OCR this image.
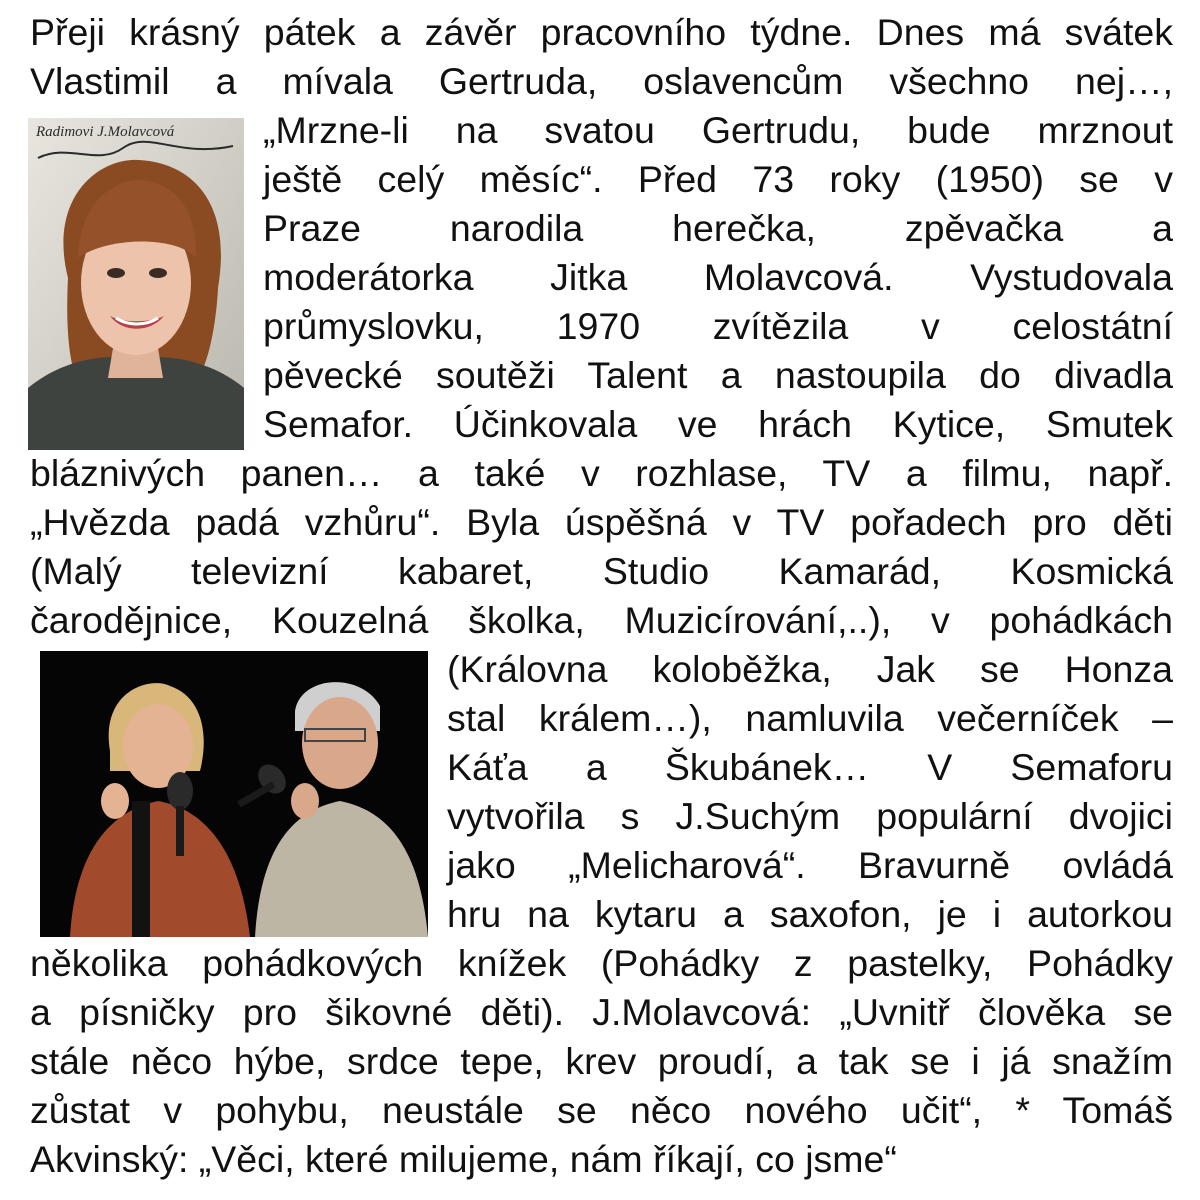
Radimovi J.Molavcová
Přeji krásný pátek a závěr pracovního týdne. Dnes má svátek
Vlastimil a mívala Gertruda, oslavencům všechno nej…,
„Mrzne-li na svatou Gertrudu, bude mrznout
ještě celý měsíc“. Před 73 roky (1950) se v
Praze narodila herečka, zpěvačka a
moderátorka Jitka Molavcová. Vystudovala
průmyslovku, 1970 zvítězila v celostátní
pěvecké soutěži Talent a nastoupila do divadla
Semafor. Účinkovala ve hrách Kytice, Smutek
bláznivých panen… a také v rozhlase, TV a filmu, např.
„Hvězda padá vzhůru“. Byla úspěšná v TV pořadech pro děti
(Malý televizní kabaret, Studio Kamarád, Kosmická
čarodějnice, Kouzelná školka, Muzicírování,..), v pohádkách
(Královna koloběžka, Jak se Honza
stal králem…), namluvila večerníček –
Káťa a Škubánek… V Semaforu
vytvořila s J.Suchým populární dvojici
jako „Melicharová“. Bravurně ovládá
hru na kytaru a saxofon, je i autorkou
několika pohádkových knížek (Pohádky z pastelky, Pohádky
a písničky pro šikovné děti). J.Molavcová: „Uvnitř člověka se
stále něco hýbe, srdce tepe, krev proudí, a tak se i já snažím
zůstat v pohybu, neustále se něco nového učit“, * Tomáš
Akvinský: „Věci, které milujeme, nám říkají, co jsme“
